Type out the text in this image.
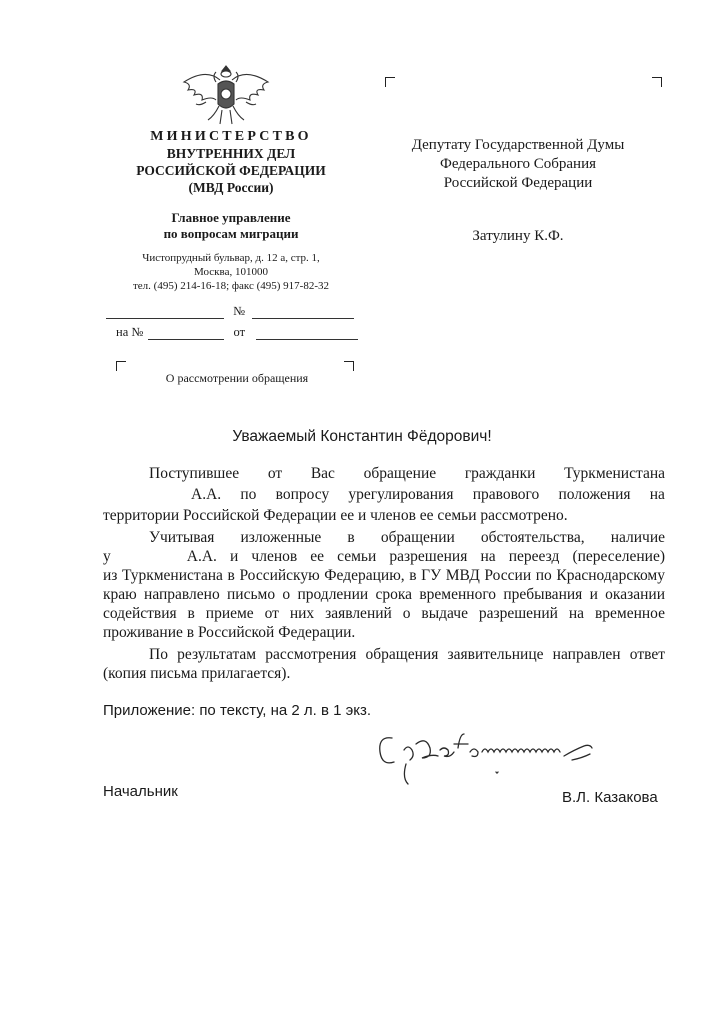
МИНИСТЕРСТВО
ВНУТРЕННИХ ДЕЛ
РОССИЙСКОЙ ФЕДЕРАЦИИ
(МВД России)
Главное управление
по вопросам миграции
Чистопрудный бульвар, д. 12 а, стр. 1,
Москва, 101000
тел. (495) 214-16-18; факс (495) 917-82-32
№
на №	от
О рассмотрении обращения
Депутату Государственной Думы
Федерального Собрания
Российской Федерации
Затулину К.Ф.
Уважаемый Константин Фёдорович!
Поступившее от Вас обращение гражданки Туркменистана
А.А. по вопросу урегулирования правового положения на
территории Российской Федерации ее и членов ее семьи рассмотрено.
Учитывая изложенные в обращении обстоятельства, наличие
у	А.А. и членов ее семьи разрешения на переезд (переселение)

из Туркменистана в Российскую Федерацию, в ГУ МВД России по Краснодарскому краю направлено письмо о продлении срока временного пребывания и оказании содействия в приеме от них заявлений о выдаче разрешений на временное проживание в Российской Федерации.

По результатам рассмотрения обращения заявительнице направлен ответ (копия письма прилагается).

Приложение: по тексту, на 2 л. в 1 экз.
Начальник	В.Л. Казакова
